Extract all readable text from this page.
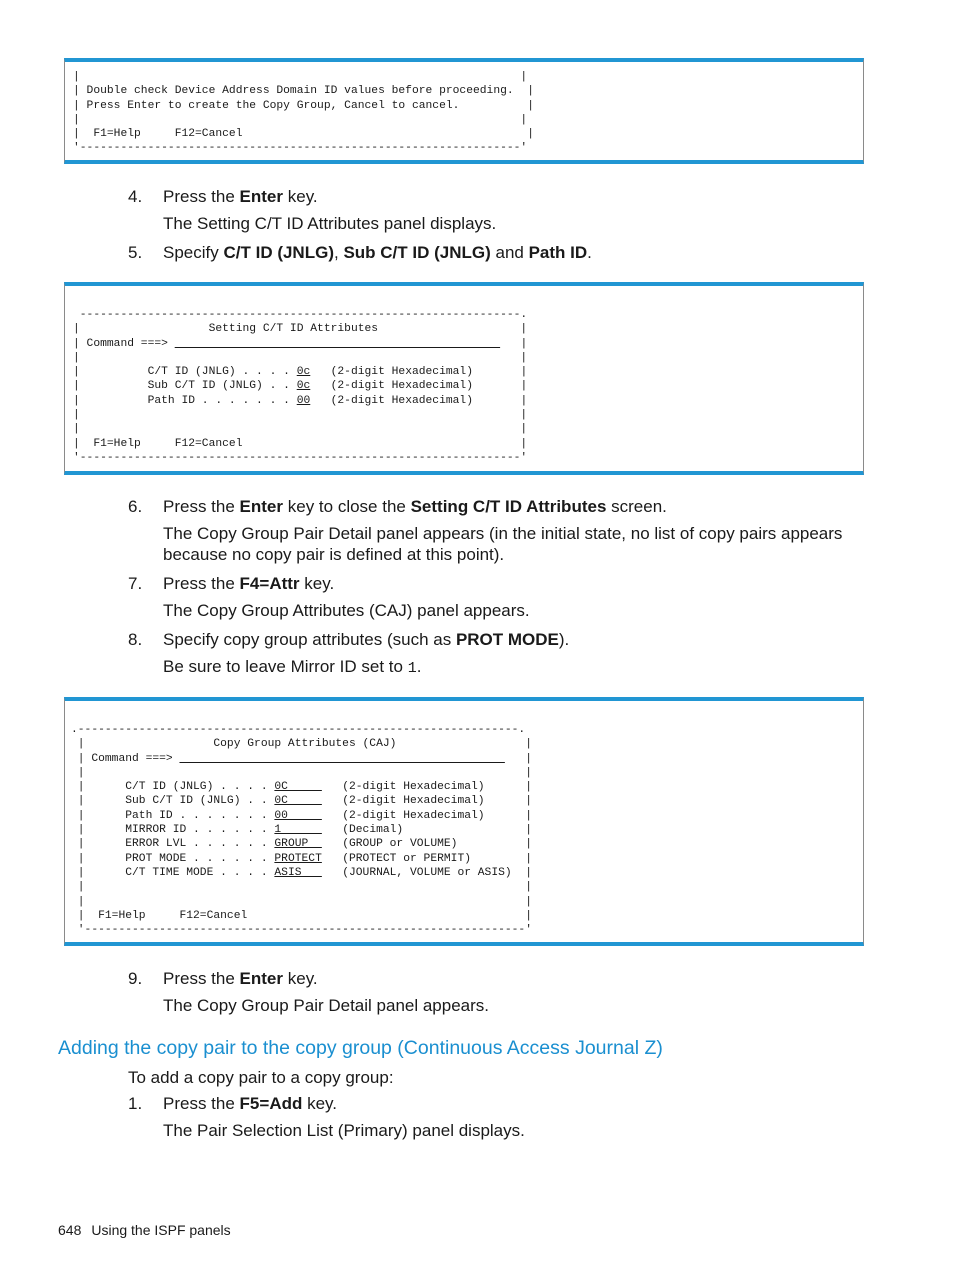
|                                                                 |
| Double check Device Address Domain ID values before proceeding.  |
| Press Enter to create the Copy Group, Cancel to cancel.          |
|                                                                 |
|  F1=Help     F12=Cancel                                          |
'-----------------------------------------------------------------'
4.	Press the Enter key.
The Setting C/T ID Attributes panel displays.
5.	Specify C/T ID (JNLG), Sub C/T ID (JNLG) and Path ID.
-----------------------------------------------------------------.
|                   Setting C/T ID Attributes                     |
| Command ===>	|
|                                                                 |
|          C/T ID (JNLG) . . . . 0c   (2-digit Hexadecimal)       |
|          Sub C/T ID (JNLG) . . 0c   (2-digit Hexadecimal)       |
|          Path ID . . . . . . . 00   (2-digit Hexadecimal)       |
|                                                                 |
|                                                                 |
|  F1=Help     F12=Cancel                                         |
'-----------------------------------------------------------------'
6.	Press the Enter key to close the Setting C/T ID Attributes screen.
The Copy Group Pair Detail panel appears (in the initial state, no list of copy pairs appears
because no copy pair is defined at this point).
7.	Press the F4=Attr key.
The Copy Group Attributes (CAJ) panel appears.
8.	Specify copy group attributes (such as PROT MODE).
Be sure to leave Mirror ID set to 1.
.-----------------------------------------------------------------.
|                   Copy Group Attributes (CAJ)                   |
| Command ===>	|
|                                                                 |
|      C/T ID (JNLG) . . . . 0C        (2-digit Hexadecimal)      |
|      Sub C/T ID (JNLG) . . 0C        (2-digit Hexadecimal)      |
|      Path ID . . . . . . . 00        (2-digit Hexadecimal)      |
|      MIRROR ID . . . . . . 1         (Decimal)                  |
|      ERROR LVL . . . . . . GROUP     (GROUP or VOLUME)          |
|      PROT MODE . . . . . . PROTECT   (PROTECT or PERMIT)        |
|      C/T TIME MODE . . . . ASIS      (JOURNAL, VOLUME or ASIS)  |
|                                                                 |
|                                                                 |
|  F1=Help     F12=Cancel                                         |
'-----------------------------------------------------------------'
9.	Press the Enter key.
The Copy Group Pair Detail panel appears.
Adding the copy pair to the copy group (Continuous Access Journal Z)
To add a copy pair to a copy group:
1.	Press the F5=Add key.
The Pair Selection List (Primary) panel displays.
648 Using the ISPF panels
